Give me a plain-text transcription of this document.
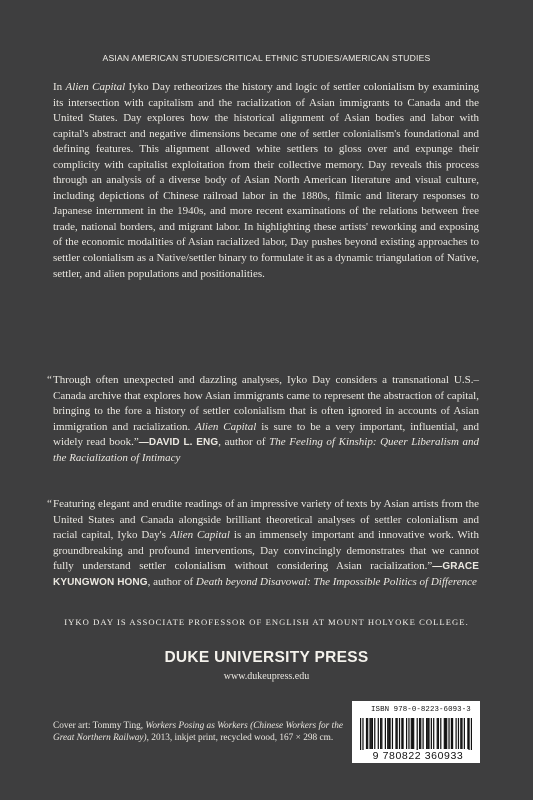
ASIAN AMERICAN STUDIES/CRITICAL ETHNIC STUDIES/AMERICAN STUDIES

In Alien Capital Iyko Day retheorizes the history and logic of settler colonialism by examining its intersection with capitalism and the racialization of Asian immigrants to Canada and the United States. Day explores how the historical alignment of Asian bodies and labor with capital's abstract and negative dimensions became one of settler colonialism's foundational and defining features. This alignment allowed white settlers to gloss over and expunge their complicity with capitalist exploitation from their collective memory. Day reveals this process through an analysis of a diverse body of Asian North American literature and visual culture, including depictions of Chinese railroad labor in the 1880s, filmic and literary responses to Japanese internment in the 1940s, and more recent examinations of the relations between free trade, national borders, and migrant labor. In highlighting these artists' reworking and exposing of the economic modalities of Asian racialized labor, Day pushes beyond existing approaches to settler colonialism as a Native/settler binary to formulate it as a dynamic triangulation of Native, settler, and alien populations and positionalities.

“ Through often unexpected and dazzling analyses, Iyko Day considers a transnational U.S.–Canada archive that explores how Asian immigrants came to represent the abstraction of capital, bringing to the fore a history of settler colonialism that is often ignored in accounts of Asian immigration and racialization. Alien Capital is sure to be a very important, influential, and widely read book.”—DAVID L. ENG, author of The Feeling of Kinship: Queer Liberalism and the Racialization of Intimacy

“ Featuring elegant and erudite readings of an impressive variety of texts by Asian artists from the United States and Canada alongside brilliant theoretical analyses of settler colonialism and racial capital, Iyko Day's Alien Capital is an immensely important and innovative work. With groundbreaking and profound interventions, Day convincingly demonstrates that we cannot fully understand settler colonialism without considering Asian racialization.”—GRACE KYUNGWON HONG, author of Death beyond Disavowal: The Impossible Politics of Difference

IYKO DAY IS ASSOCIATE PROFESSOR OF ENGLISH AT MOUNT HOLYOKE COLLEGE.
DUKE UNIVERSITY PRESS
www.dukeupress.edu

Cover art: Tommy Ting, Workers Posing as Workers (Chinese Workers for the Great Northern Railway), 2013, inkjet print, recycled wood, 167 × 298 cm.

ISBN 978-0-8223-6093-3
9 780822 360933
